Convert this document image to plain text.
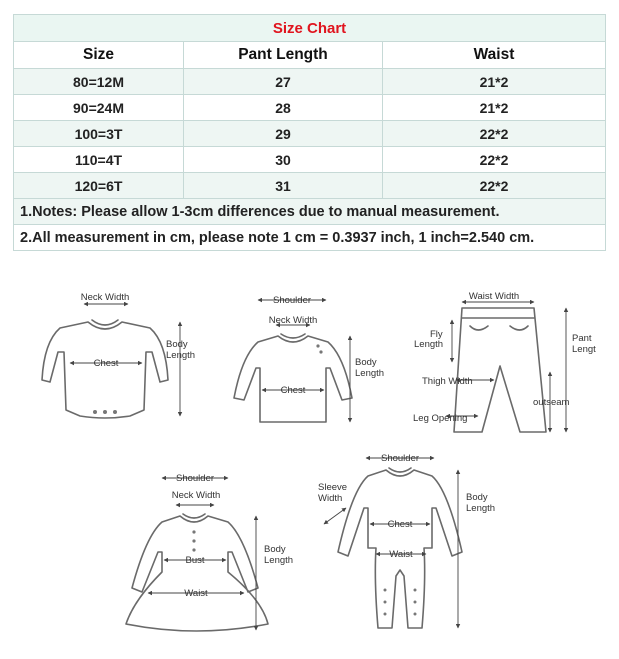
Size Chart		
Size	Pant Length	Waist
80=12M	27	21*2
90=24M	28	21*2
100=3T	29	22*2
110=4T	30	22*2
120=6T	31	22*2
1.Notes: Please allow 1-3cm differences due to manual measurement.		
2.All measurement in cm, please note 1 cm = 0.3937 inch, 1 inch=2.540 cm.		
Neck Width
Chest
Body
Length
Shoulder
Neck Width
Chest
Body
Length
Waist Width
Fly
Length
Thigh Width
Leg Opening
outseam
Pant
Lengt
Shoulder
Neck Width
Bust
Waist
Body
Length
Shoulder
Sleeve
Width
Chest
Waist
Body
Length
